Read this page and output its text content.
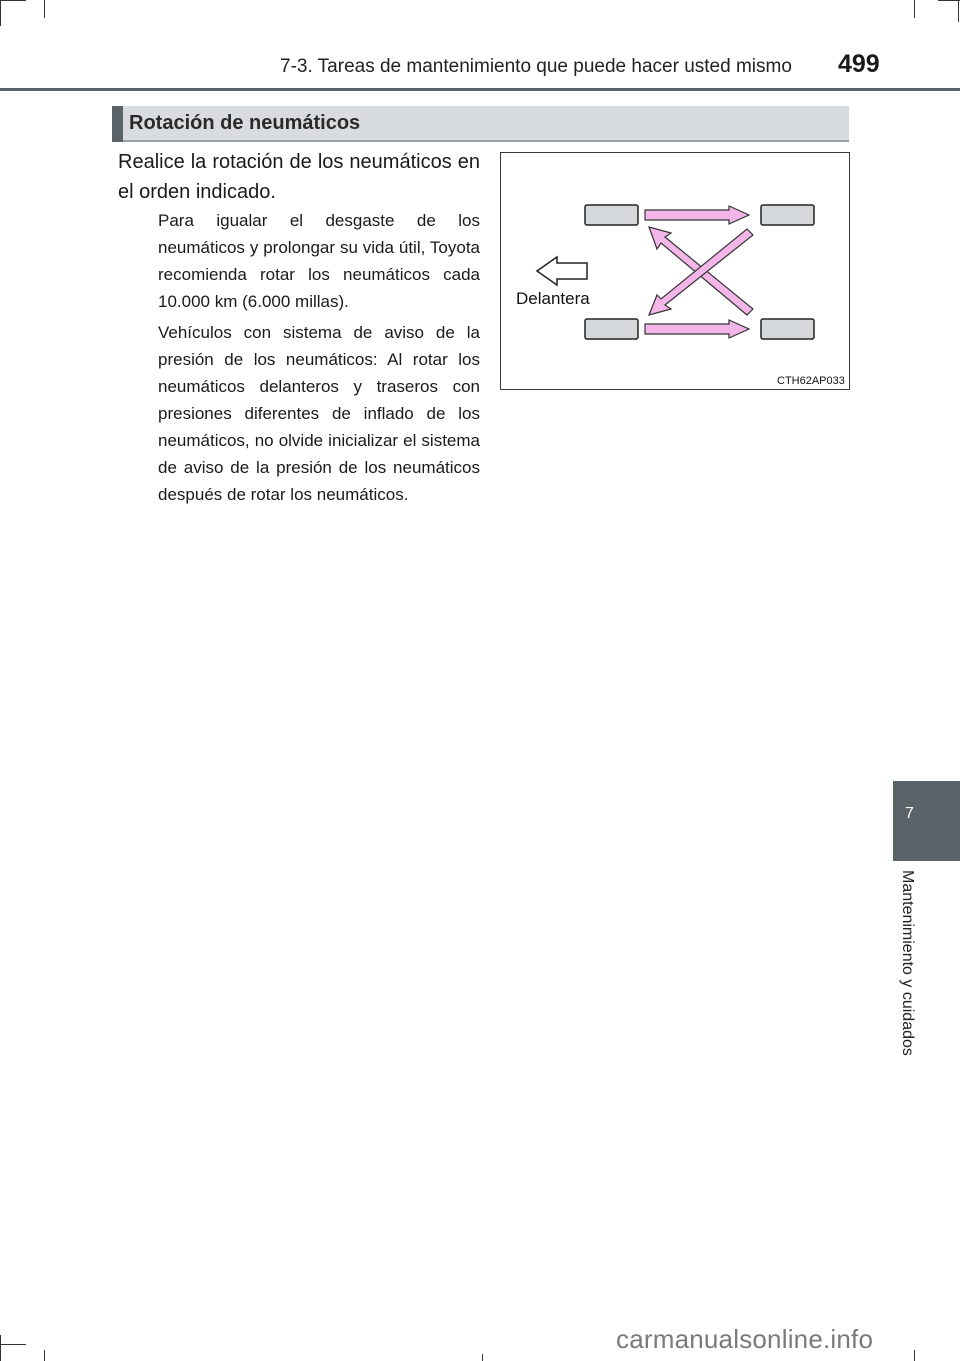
7-3. Tareas de mantenimiento que puede hacer usted mismo 499
Rotación de neumáticos

Realice la rotación de los neumáticos en el orden indicado.

Para igualar el desgaste de los neumáticos y prolongar su vida útil, Toyota recomienda rotar los neumáticos cada 10.000 km (6.000 millas).

Vehículos con sistema de aviso de la presión de los neumáticos: Al rotar los neumáticos delanteros y traseros con presiones diferentes de inflado de los neumáticos, no olvide inicializar el sistema de aviso de la presión de los neumáticos después de rotar los neumáticos.

Delantera
CTH62AP033
7
Mantenimiento y cuidados
carmanualsonline.info
